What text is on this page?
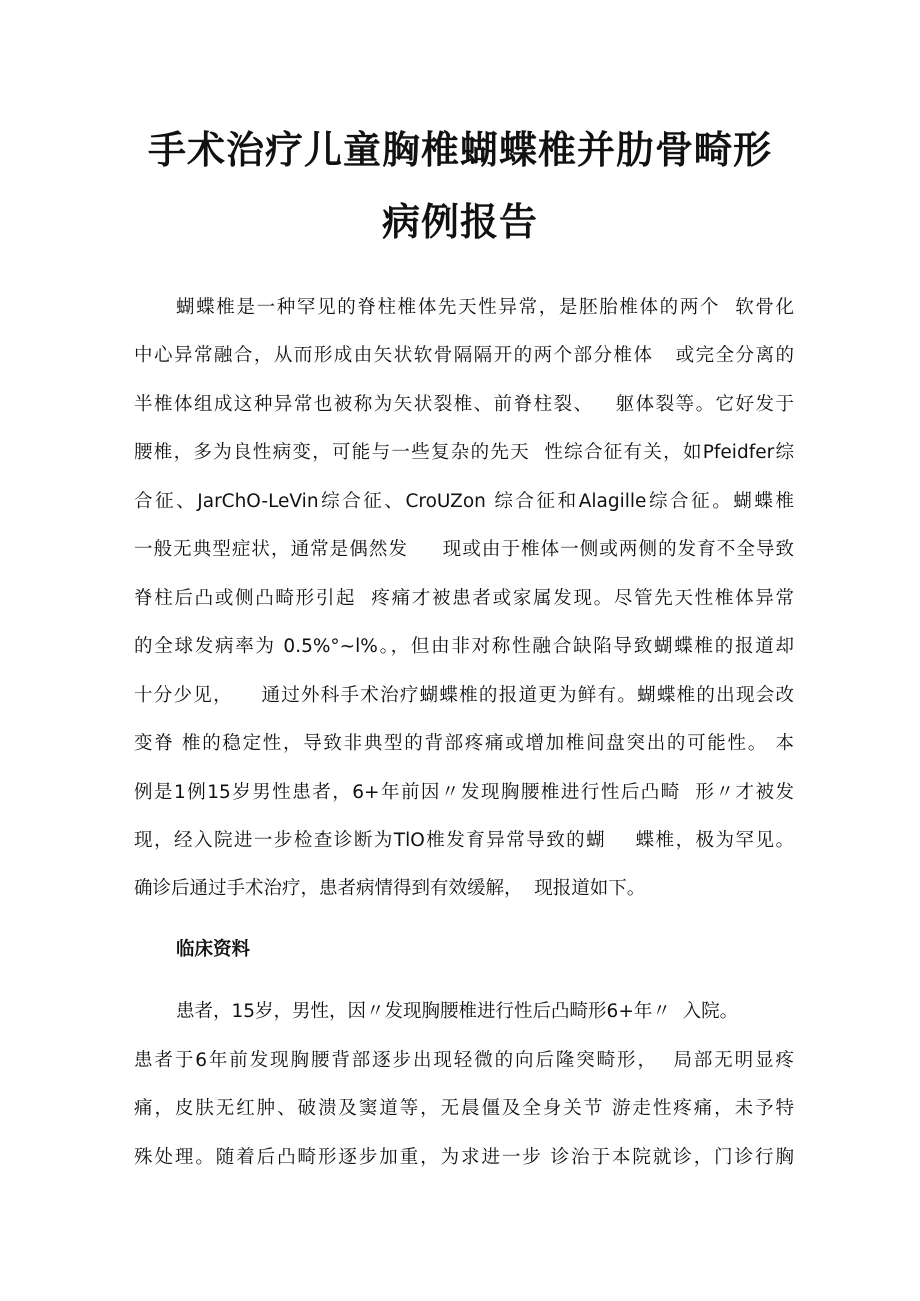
手术治疗儿童胸椎蝴蝶椎并肋骨畸形
病例报告
蝴蝶椎是一种罕见的脊柱椎体先天性异常，是胚胎椎体的两个  软骨化
中心异常融合，从而形成由矢状软骨隔隔开的两个部分椎体   或完全分离的
半椎体组成这种异常也被称为矢状裂椎、前脊柱裂、   躯体裂等。它好发于
腰椎，多为良性病变，可能与一些复杂的先天  性综合征有关，如Pfeidfer综
合征、JarChO-LeVin综合征、CroUZon 综合征和Alagille综合征。蝴蝶椎
一般无典型症状，通常是偶然发     现或由于椎体一侧或两侧的发育不全导致
脊柱后凸或侧凸畸形引起  疼痛才被患者或家属发现。尽管先天性椎体异常
的全球发病率为 0.5%°~l%。，但由非对称性融合缺陷导致蝴蝶椎的报道却
十分少见，    通过外科手术治疗蝴蝶椎的报道更为鲜有。蝴蝶椎的出现会改
变脊 椎的稳定性，导致非典型的背部疼痛或增加椎间盘突出的可能性。 本
例是1例15岁男性患者，6+年前因〃发现胸腰椎进行性后凸畸  形〃才被发
现，经入院进一步检查诊断为TlO椎发育异常导致的蝴    蝶椎，极为罕见。
确诊后通过手术治疗，患者病情得到有效缓解，  现报道如下。
临床资料
患者，15岁，男性，因〃发现胸腰椎进行性后凸畸形6+年〃  入院。
患者于6年前发现胸腰背部逐步出现轻微的向后隆突畸形，  局部无明显疼
痛，皮肤无红肿、破溃及窦道等，无晨僵及全身关节 游走性疼痛，未予特
殊处理。随着后凸畸形逐步加重，为求进一步 诊治于本院就诊，门诊行胸
